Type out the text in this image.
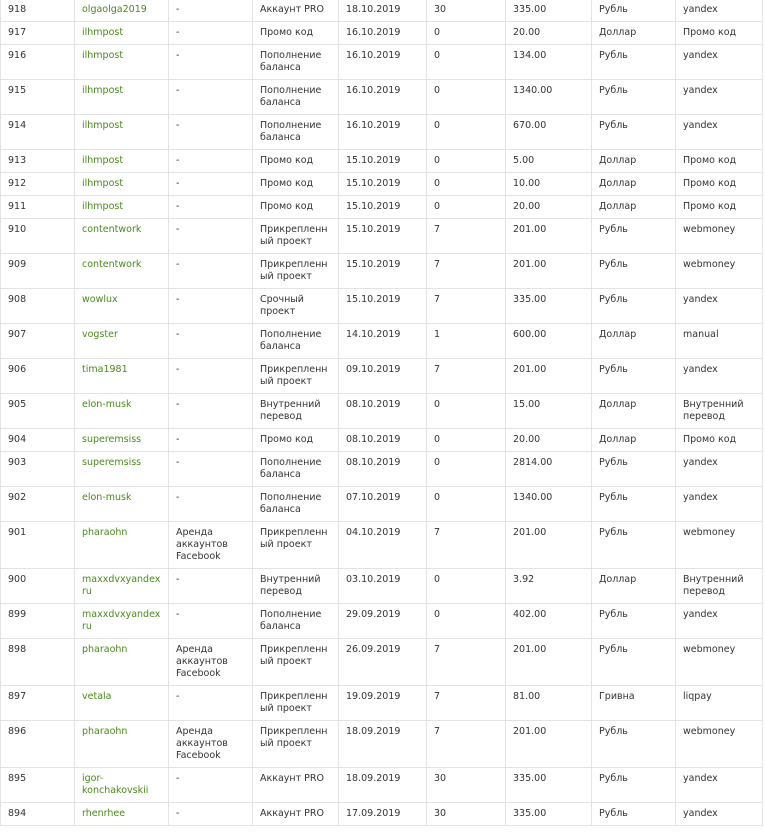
918	olgaolga2019	-	Аккаунт PRO	18.10.2019	30	335.00	Рубль	yandex
917	ilhmpost	-	Промо код	16.10.2019	0	20.00	Доллар	Промо код
916	ilhmpost	-	Пополнение баланса	16.10.2019	0	134.00	Рубль	yandex
915	ilhmpost	-	Пополнение баланса	16.10.2019	0	1340.00	Рубль	yandex
914	ilhmpost	-	Пополнение баланса	16.10.2019	0	670.00	Рубль	yandex
913	ilhmpost	-	Промо код	15.10.2019	0	5.00	Доллар	Промо код
912	ilhmpost	-	Промо код	15.10.2019	0	10.00	Доллар	Промо код
911	ilhmpost	-	Промо код	15.10.2019	0	20.00	Доллар	Промо код
910	contentwork	-	Прикрепленный проект	15.10.2019	7	201.00	Рубль	webmoney
909	contentwork	-	Прикрепленный проект	15.10.2019	7	201.00	Рубль	webmoney
908	wowlux	-	Срочный проект	15.10.2019	7	335.00	Рубль	yandex
907	vogster	-	Пополнение баланса	14.10.2019	1	600.00	Доллар	manual
906	tima1981	-	Прикрепленный проект	09.10.2019	7	201.00	Рубль	yandex
905	elon-musk	-	Внутренний перевод	08.10.2019	0	15.00	Доллар	Внутренний перевод
904	superemsiss	-	Промо код	08.10.2019	0	20.00	Доллар	Промо код
903	superemsiss	-	Пополнение баланса	08.10.2019	0	2814.00	Рубль	yandex
902	elon-musk	-	Пополнение баланса	07.10.2019	0	1340.00	Рубль	yandex
901	pharaohn	Аренда аккаунтов Facebook	Прикрепленный проект	04.10.2019	7	201.00	Рубль	webmoney
900	maxxdvxyandexru	-	Внутренний перевод	03.10.2019	0	3.92	Доллар	Внутренний перевод
899	maxxdvxyandexru	-	Пополнение баланса	29.09.2019	0	402.00	Рубль	yandex
898	pharaohn	Аренда аккаунтов Facebook	Прикрепленный проект	26.09.2019	7	201.00	Рубль	webmoney
897	vetala	-	Прикрепленный проект	19.09.2019	7	81.00	Гривна	liqpay
896	pharaohn	Аренда аккаунтов Facebook	Прикрепленный проект	18.09.2019	7	201.00	Рубль	webmoney
895	igor-konchakovskii	-	Аккаунт PRO	18.09.2019	30	335.00	Рубль	yandex
894	rhenrhee	-	Аккаунт PRO	17.09.2019	30	335.00	Рубль	yandex
